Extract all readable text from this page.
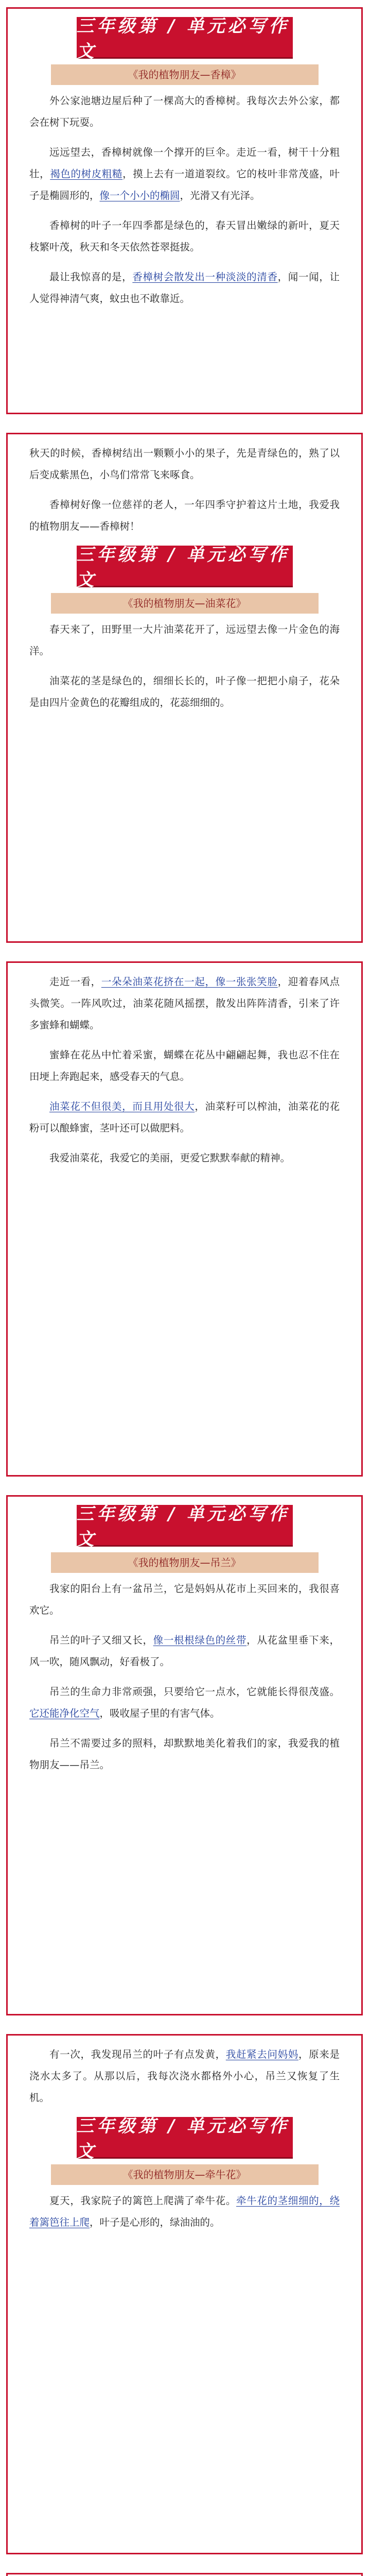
三年级第 / 单元必写作文
《我的植物朋友—香樟》

外公家池塘边屋后种了一棵高大的香樟树。我每次去外公家，都会在树下玩耍。

远远望去，香樟树就像一个撑开的巨伞。走近一看，树干十分粗壮，褐色的树皮粗糙，摸上去有一道道裂纹。它的枝叶非常茂盛，叶子是椭圆形的，像一个小小的椭圆，光滑又有光泽。

香樟树的叶子一年四季都是绿色的，春天冒出嫩绿的新叶，夏天枝繁叶茂，秋天和冬天依然苍翠挺拔。

最让我惊喜的是，香樟树会散发出一种淡淡的清香，闻一闻，让人觉得神清气爽，蚊虫也不敢靠近。

秋天的时候，香樟树结出一颗颗小小的果子，先是青绿色的，熟了以后变成紫黑色，小鸟们常常飞来啄食。

香樟树好像一位慈祥的老人，一年四季守护着这片土地，我爱我的植物朋友——香樟树！

三年级第 / 单元必写作文
《我的植物朋友—油菜花》

春天来了，田野里一大片油菜花开了，远远望去像一片金色的海洋。

油菜花的茎是绿色的，细细长长的，叶子像一把把小扇子，花朵是由四片金黄色的花瓣组成的，花蕊细细的。

走近一看，一朵朵油菜花挤在一起，像一张张笑脸，迎着春风点头微笑。一阵风吹过，油菜花随风摇摆，散发出阵阵清香，引来了许多蜜蜂和蝴蝶。

蜜蜂在花丛中忙着采蜜，蝴蝶在花丛中翩翩起舞，我也忍不住在田埂上奔跑起来，感受春天的气息。

油菜花不但很美，而且用处很大，油菜籽可以榨油，油菜花的花粉可以酿蜂蜜，茎叶还可以做肥料。

我爱油菜花，我爱它的美丽，更爱它默默奉献的精神。

三年级第 / 单元必写作文
《我的植物朋友—吊兰》

我家的阳台上有一盆吊兰，它是妈妈从花市上买回来的，我很喜欢它。

吊兰的叶子又细又长，像一根根绿色的丝带，从花盆里垂下来，风一吹，随风飘动，好看极了。

吊兰的生命力非常顽强，只要给它一点水，它就能长得很茂盛。它还能净化空气，吸收屋子里的有害气体。

吊兰不需要过多的照料，却默默地美化着我们的家，我爱我的植物朋友——吊兰。

有一次，我发现吊兰的叶子有点发黄，我赶紧去问妈妈，原来是浇水太多了。从那以后，我每次浇水都格外小心，吊兰又恢复了生机。

三年级第 / 单元必写作文
《我的植物朋友—牵牛花》

夏天，我家院子的篱笆上爬满了牵牛花。牵牛花的茎细细的，绕着篱笆往上爬，叶子是心形的，绿油油的。
